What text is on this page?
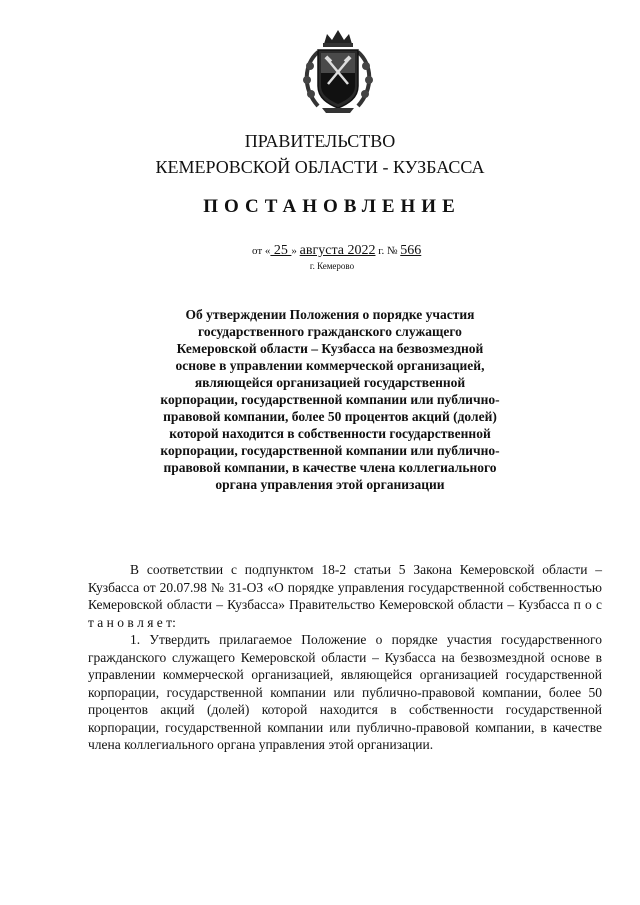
ПРАВИТЕЛЬСТВО
КЕМЕРОВСКОЙ ОБЛАСТИ - КУЗБАССА
ПОСТАНОВЛЕНИЕ
от « 25 » августа 2022 г. № 566
г. Кемерово

Об утверждении Положения о порядке участия государственного гражданского служащего Кемеровской области – Кузбасса на безвозмездной основе в управлении коммерческой организацией, являющейся организацией государственной корпорации, государственной компании или публично-правовой компании, более 50 процентов акций (долей) которой находится в собственности государственной корпорации, государственной компании или публично-правовой компании, в качестве члена коллегиального органа управления этой организации

В соответствии с подпунктом 18-2 статьи 5 Закона Кемеровской области – Кузбасса от 20.07.98 № 31-ОЗ «О порядке управления государственной собственностью Кемеровской области – Кузбасса» Правительство Кемеровской области – Кузбасса п о с т а н о в л я е т:

1. Утвердить прилагаемое Положение о порядке участия государственного гражданского служащего Кемеровской области – Кузбасса на безвозмездной основе в управлении коммерческой организацией, являющейся организацией государственной корпорации, государственной компании или публично-правовой компании, более 50 процентов акций (долей) которой находится в собственности государственной корпорации, государственной компании или публично-правовой компании, в качестве члена коллегиального органа управления этой организации.
